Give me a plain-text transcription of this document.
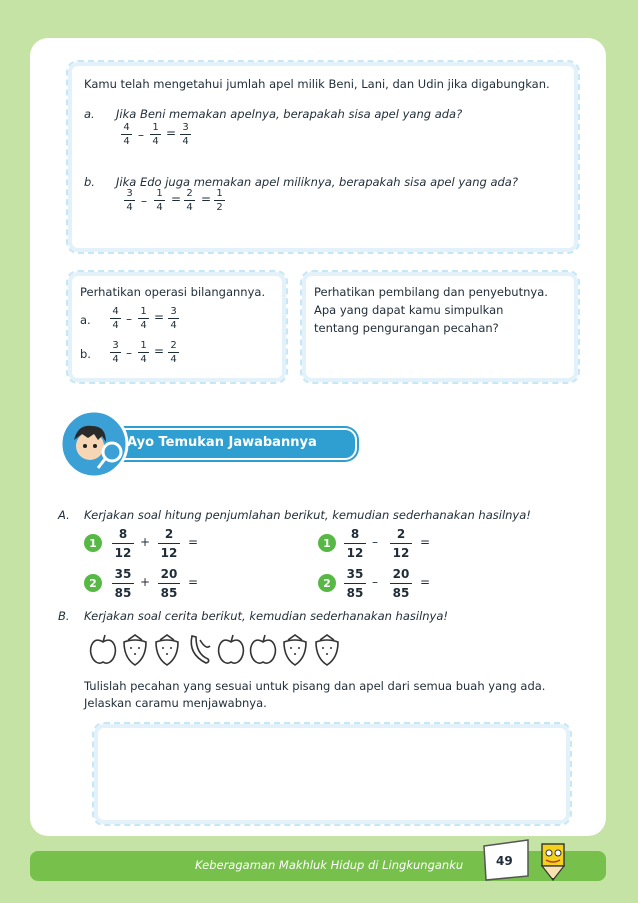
Kamu telah mengetahui jumlah apel milik Beni, Lani, dan Udin jika digabungkan.
a. Jika Beni memakan apelnya, berapakah sisa apel yang ada?
4
4 –
1
4
= 3
4
b. Jika Edo juga memakan apel miliknya, berapakah sisa apel yang ada?
3
4 –
1
4
= 2
4
= 1
2
Perhatikan operasi bilangannya.
a.
4
4 –
1
4
= 3
4
b.
3
4 –
1
4
= 2
4
Perhatikan pembilang dan penyebutnya.
Apa yang dapat kamu simpulkan
tentang pengurangan pecahan?
Ayo Temukan Jawabannya
A. Kerjakan soal hitung penjumlahan berikut, kemudian sederhanakan hasilnya!
1
8
12
+
2
12
=
2
35
85
+
20
85
=
1
8
12
–
2
12
=
2
35
85
–
20
85
=
B. Kerjakan soal cerita berikut, kemudian sederhanakan hasilnya!
Tulislah pecahan yang sesuai untuk pisang dan apel dari semua buah yang ada.
Jelaskan caramu menjawabnya.
Keberagaman Makhluk Hidup di Lingkunganku	49
